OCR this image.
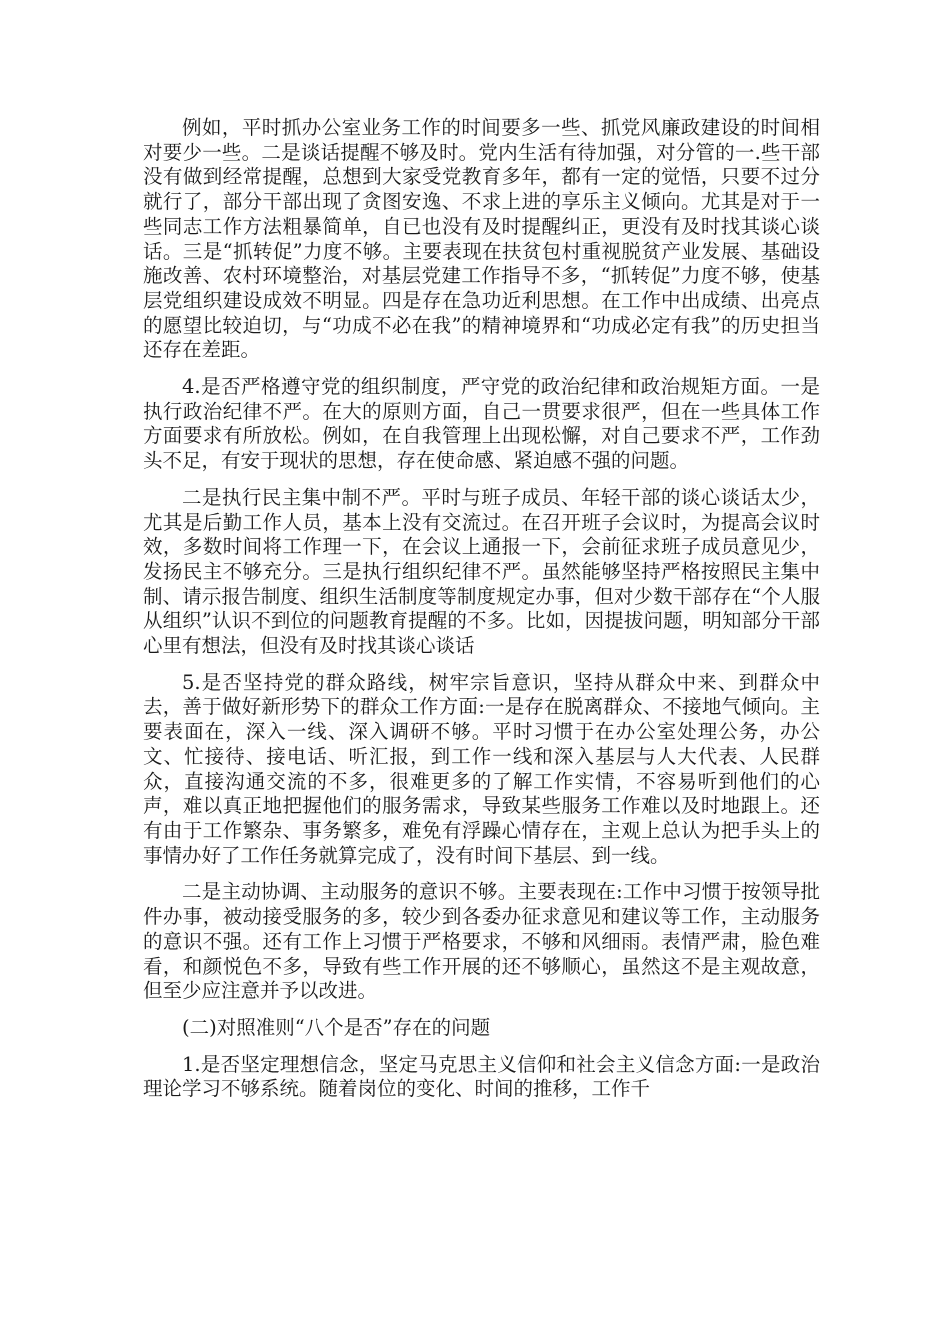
例如，平时抓办公室业务工作的时间要多一些、抓党风廉政建设的时间相对要少一些。二是谈话提醒不够及时。党内生活有待加强，对分管的一.些干部没有做到经常提醒，总想到大家受党教育多年，都有一定的觉悟，只要不过分就行了，部分干部出现了贪图安逸、不求上进的享乐主义倾向。尤其是对于一些同志工作方法粗暴简单，自已也没有及时提醒纠正，更没有及时找其谈心谈话。三是“抓转促”力度不够。主要表现在扶贫包村重视脱贫产业发展、基础设施改善、农村环境整治，对基层党建工作指导不多，“抓转促”力度不够，使基层党组织建设成效不明显。四是存在急功近利思想。在工作中出成绩、出亮点的愿望比较迫切，与“功成不必在我”的精神境界和“功成必定有我”的历史担当还存在差距。

4.是否严格遵守党的组织制度，严守党的政治纪律和政治规矩方面。一是执行政治纪律不严。在大的原则方面，自己一贯要求很严，但在一些具体工作方面要求有所放松。例如，在自我管理上出现松懈，对自己要求不严，工作劲头不足，有安于现状的思想，存在使命感、紧迫感不强的问题。

二是执行民主集中制不严。平时与班子成员、年轻干部的谈心谈话太少，尤其是后勤工作人员，基本上没有交流过。在召开班子会议时，为提高会议时效，多数时间将工作理一下，在会议上通报一下，会前征求班子成员意见少，发扬民主不够充分。三是执行组织纪律不严。虽然能够坚持严格按照民主集中制、请示报告制度、组织生活制度等制度规定办事，但对少数干部存在“个人服从组织”认识不到位的问题教育提醒的不多。比如，因提拔问题，明知部分干部心里有想法，但没有及时找其谈心谈话

5.是否坚持党的群众路线，树牢宗旨意识，坚持从群众中来、到群众中去，善于做好新形势下的群众工作方面:一是存在脱离群众、不接地气倾向。主要表面在，深入一线、深入调研不够。平时习惯于在办公室处理公务，办公文、忙接待、接电话、听汇报，到工作一线和深入基层与人大代表、人民群众，直接沟通交流的不多，很难更多的了解工作实情，不容易听到他们的心声，难以真正地把握他们的服务需求，导致某些服务工作难以及时地跟上。还有由于工作繁杂、事务繁多，难免有浮躁心情存在，主观上总认为把手头上的事情办好了工作任务就算完成了，没有时间下基层、到一线。

二是主动协调、主动服务的意识不够。主要表现在:工作中习惯于按领导批件办事，被动接受服务的多，较少到各委办征求意见和建议等工作，主动服务的意识不强。还有工作上习惯于严格要求，不够和风细雨。表情严肃，脸色难看，和颜悦色不多，导致有些工作开展的还不够顺心，虽然这不是主观故意，但至少应注意并予以改进。

(二)对照准则“八个是否”存在的问题

1.是否坚定理想信念，坚定马克思主义信仰和社会主义信念方面:一是政治理论学习不够系统。随着岗位的变化、时间的推移，工作千
